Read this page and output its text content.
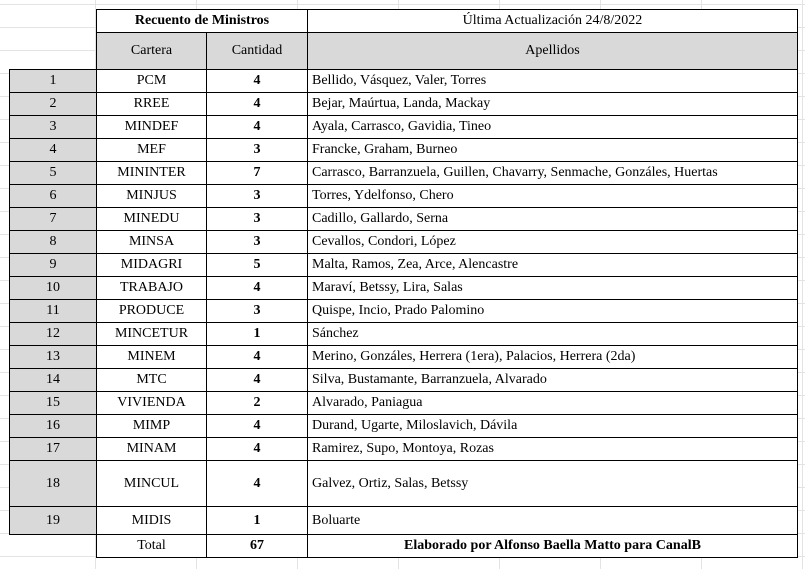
	Recuento de Ministros		Última Actualización 24/8/2022
	Cartera	Cantidad	Apellidos
1	PCM	4	Bellido, Vásquez, Valer, Torres
2	RREE	4	Bejar, Maúrtua, Landa, Mackay
3	MINDEF	4	Ayala, Carrasco, Gavidia, Tineo
4	MEF	3	Francke, Graham, Burneo
5	MININTER	7	Carrasco, Barranzuela, Guillen, Chavarry, Senmache, Gonzáles, Huertas
6	MINJUS	3	Torres, Ydelfonso, Chero
7	MINEDU	3	Cadillo, Gallardo, Serna
8	MINSA	3	Cevallos, Condori, López
9	MIDAGRI	5	Malta, Ramos, Zea, Arce, Alencastre
10	TRABAJO	4	Maraví, Betssy, Lira, Salas
11	PRODUCE	3	Quispe, Incio, Prado Palomino
12	MINCETUR	1	Sánchez
13	MINEM	4	Merino, Gonzáles, Herrera (1era), Palacios, Herrera (2da)
14	MTC	4	Silva, Bustamante, Barranzuela, Alvarado
15	VIVIENDA	2	Alvarado, Paniagua
16	MIMP	4	Durand, Ugarte, Miloslavich, Dávila
17	MINAM	4	Ramirez, Supo, Montoya, Rozas
18	MINCUL	4	Galvez, Ortiz, Salas, Betssy
19	MIDIS	1	Boluarte
	Total	67	Elaborado por Alfonso Baella Matto para CanalB
